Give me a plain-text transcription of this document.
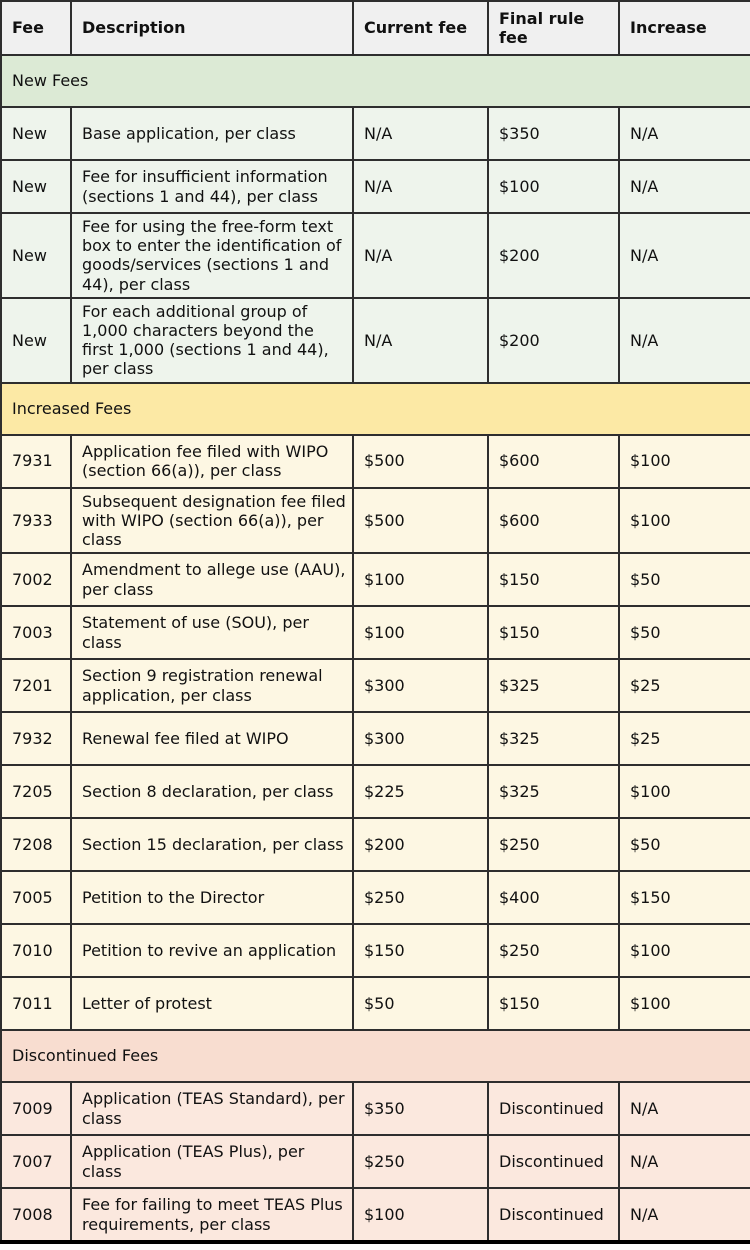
Fee	Description	Current fee	Final rule fee	Increase
New Fees				
New	Base application, per class	N/A	$350	N/A
New	Fee for insufficient information (sections 1 and 44), per class	N/A	$100	N/A
New	Fee for using the free-form text box to enter the identification of goods/services (sections 1 and 44), per class	N/A	$200	N/A
New	For each additional group of 1,000 characters beyond the first 1,000 (sections 1 and 44), per class	N/A	$200	N/A
Increased Fees				
7931	Application fee filed with WIPO (section 66(a)), per class	$500	$600	$100
7933	Subsequent designation fee filed with WIPO (section 66(a)), per class	$500	$600	$100
7002	Amendment to allege use (AAU), per class	$100	$150	$50
7003	Statement of use (SOU), per class	$100	$150	$50
7201	Section 9 registration renewal application, per class	$300	$325	$25
7932	Renewal fee filed at WIPO	$300	$325	$25
7205	Section 8 declaration, per class	$225	$325	$100
7208	Section 15 declaration, per class	$200	$250	$50
7005	Petition to the Director	$250	$400	$150
7010	Petition to revive an application	$150	$250	$100
7011	Letter of protest	$50	$150	$100
Discontinued Fees				
7009	Application (TEAS Standard), per class	$350	Discontinued	N/A
7007	Application (TEAS Plus), per class	$250	Discontinued	N/A
7008	Fee for failing to meet TEAS Plus requirements, per class	$100	Discontinued	N/A
